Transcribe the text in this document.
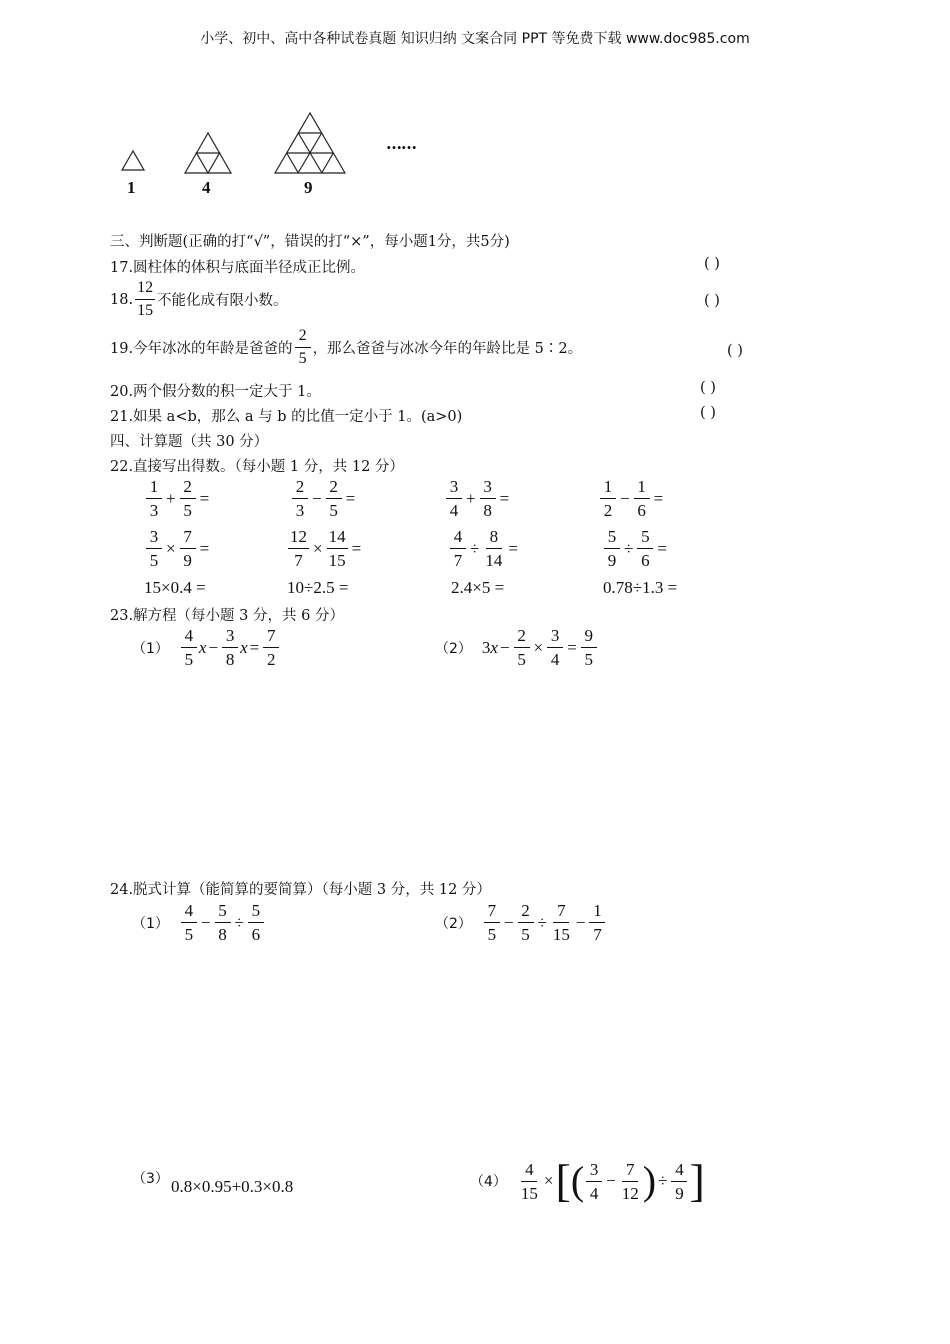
小学、初中、高中各种试卷真题 知识归纳 文案合同 PPT 等免费下载 www.doc985.com
1	4	9
……
三、判断题(正确的打“√”，错误的打“×”，每小题1分，共5分)
17.圆柱体的体积与底面半径成正比例。	( )
18. $\frac{12}{15}$ 不能化成有限小数。	( )
19.今年冰冰的年龄是爸爸的 $\frac{2}{5}$ ，那么爸爸与冰冰今年的年龄比是 5∶2。	( )
20.两个假分数的积一定大于 1。	( )
21.如果 a<b，那么 a 与 b 的比值一定小于 1。(a>0)	( )
四、计算题（共 30 分）
22.直接写出得数。（每小题 1 分，共 12 分）
$\frac{1}{3} + \frac{2}{5}$ =	$\frac{2}{3} - \frac{2}{5}$ =	$\frac{3}{4} + \frac{3}{8}$ =	$\frac{1}{2} - \frac{1}{6}$ =
$\frac{3}{5} \times \frac{7}{9}$ =	$\frac{12}{7} \times \frac{14}{15}$ =	$\frac{4}{7} \div \frac{8}{14}$ =	$\frac{5}{9} \div \frac{5}{6}$ =
15×0.4 =	10÷2.5 =	2.4×5 =	0.78÷1.3 =
23.解方程（每小题 3 分，共 6 分）
$(1) \frac{4}{5}$ $x - \frac{3}{8}$ $x = \frac{7}{2}$	（2） 3 $x - \frac{2}{5} \times \frac{3}{4} = \frac{9}{5}$
24.脱式计算（能简算的要简算）（每小题 3 分，共 12 分）
$(1) \frac{4}{5} - \frac{5}{8} \div \frac{5}{6}$	$(2) \frac{7}{5} - \frac{2}{5} \div \frac{7}{15} - \frac{1}{7}$
（3） 0.8×0.95+0.3×0.8	$(4) \frac{4}{15}$ × [ ( $\frac{3}{4} - \frac{7}{12}$ ) ÷ $\frac{4}{9}$ ]
